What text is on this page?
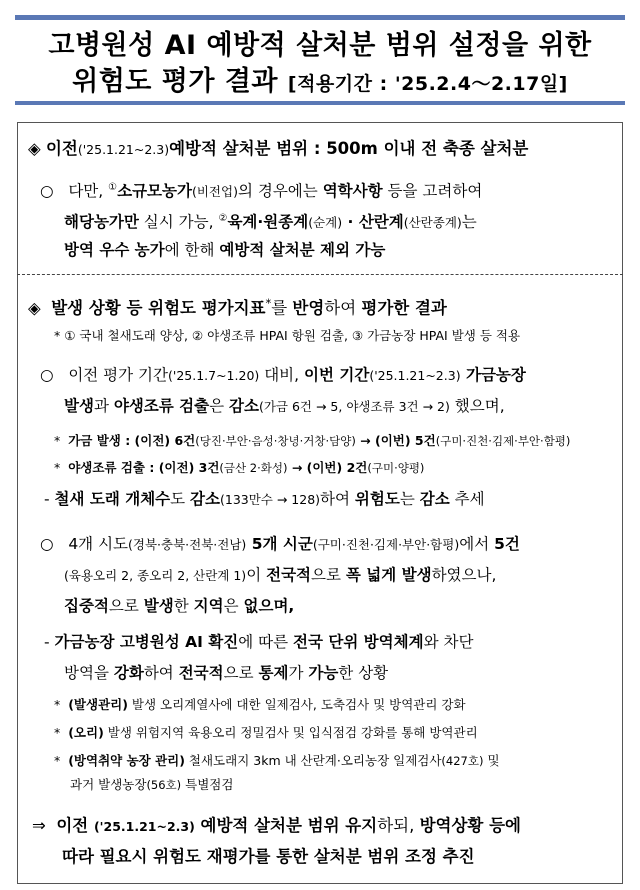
고병원성 AI 예방적 살처분 범위 설정을 위한
위험도 평가 결과 [적용기간 : '25.2.4～2.17일]
◈ 이전('25.1.21~2.3)예방적 살처분 범위 : 500m 이내 전 축종 살처분
○ 다만, ①소규모농가(비전업)의 경우에는 역학사항 등을 고려하여
해당농가만 실시 가능, ②육계·원종계(순계) · 산란계(산란종계)는
방역 우수 농가에 한해 예방적 살처분 제외 가능
◈ 발생 상황 등 위험도 평가지표*를 반영하여 평가한 결과
* ① 국내 철새도래 양상, ② 야생조류 HPAI 항원 검출, ③ 가금농장 HPAI 발생 등 적용
○ 이전 평가 기간('25.1.7~1.20) 대비, 이번 기간('25.1.21~2.3) 가금농장
발생과 야생조류 검출은 감소(가금 6건 → 5, 야생조류 3건 → 2) 했으며,
* 가금 발생 : (이전) 6건(당진·부안·음성·창녕·거창·담양) → (이번) 5건(구미·진천·김제·부안·함평)
* 야생조류 검출 : (이전) 3건(금산 2·화성) → (이번) 2건(구미·양평)
- 철새 도래 개체수도 감소(133만수 → 128)하여 위험도는 감소 추세
○ 4개 시도(경북·충북·전북·전남) 5개 시군(구미·진천·김제·부안·함평)에서 5건
(육용오리 2, 종오리 2, 산란계 1)이 전국적으로 폭 넓게 발생하였으나,
집중적으로 발생한 지역은 없으며,
- 가금농장 고병원성 AI 확진에 따른 전국 단위 방역체계와 차단
방역을 강화하여 전국적으로 통제가 가능한 상황
* (발생관리) 발생 오리계열사에 대한 일제검사, 도축검사 및 방역관리 강화
* (오리) 발생 위험지역 육용오리 정밀검사 및 입식점검 강화를 통해 방역관리
* (방역취약 농장 관리) 철새도래지 3km 내 산란계·오리농장 일제검사(427호) 및
과거 발생농장(56호) 특별점검
⇒ 이전 ('25.1.21~2.3) 예방적 살처분 범위 유지하되, 방역상황 등에
따라 필요시 위험도 재평가를 통한 살처분 범위 조정 추진
